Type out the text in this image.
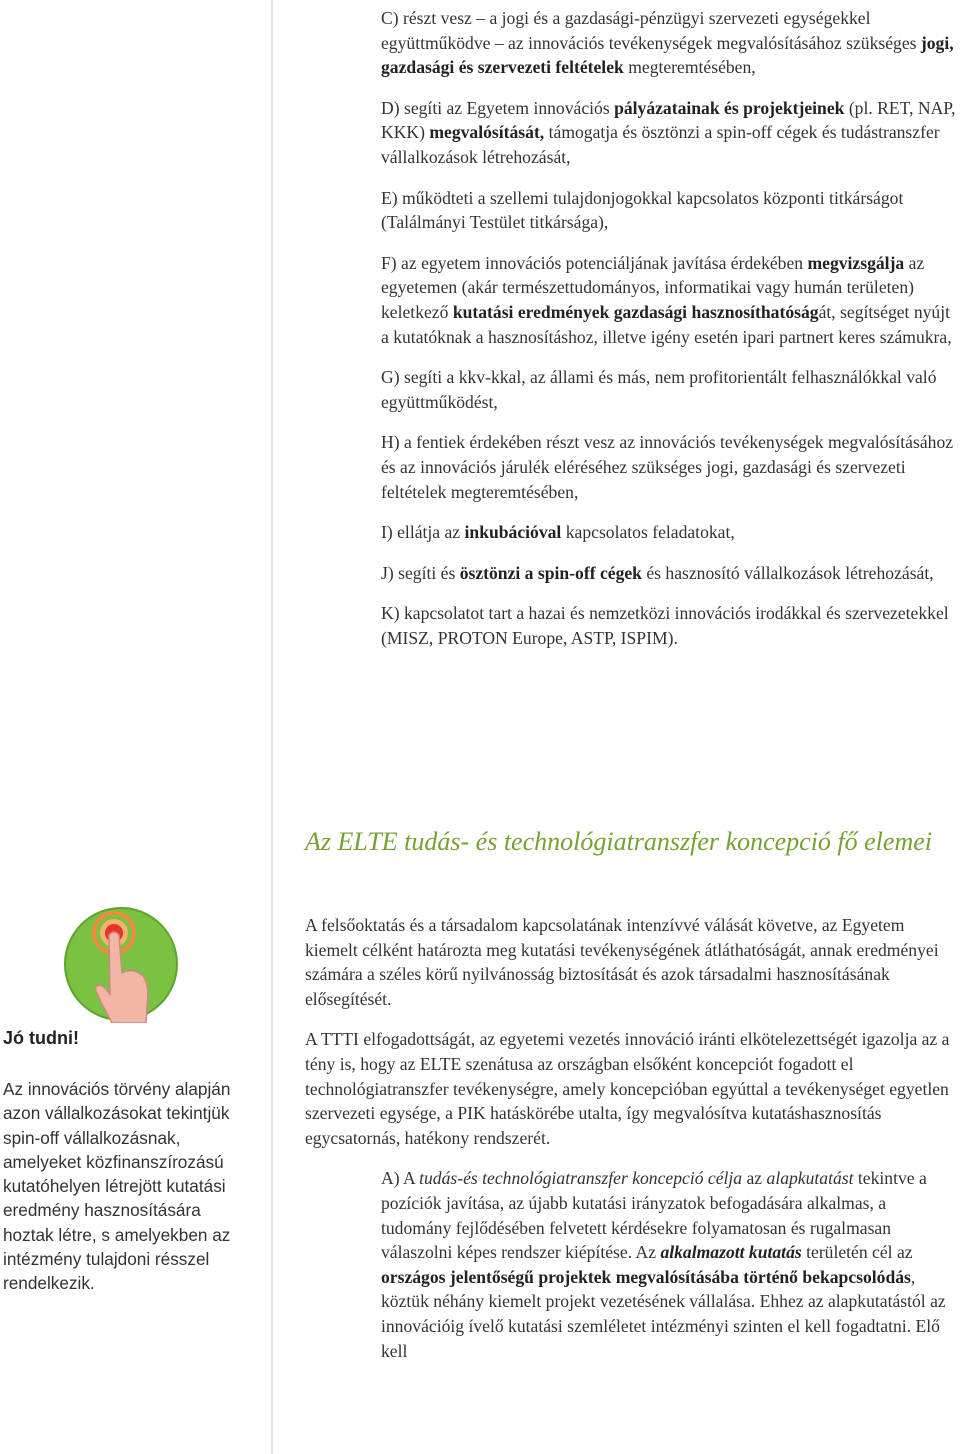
C) részt vesz – a jogi és a gazdasági-pénzügyi szervezeti egységekkel együttműködve – az innovációs tevékenységek megvalósításához szükséges jogi, gazdasági és szervezeti feltételek megteremtésében,

D) segíti az Egyetem innovációs pályázatainak és projektjeinek (pl. RET, NAP, KKK) megvalósítását, támogatja és ösztönzi a spin-off cégek és tudástranszfer vállalkozások létrehozását,

E) működteti a szellemi tulajdonjogokkal kapcsolatos központi titkárságot (Találmányi Testület titkársága),

F) az egyetem innovációs potenciáljának javítása érdekében megvizsgálja az egyetemen (akár természettudományos, informatikai vagy humán területen) keletkező kutatási eredmények gazdasági hasznosíthatóságát, segítséget nyújt a kutatóknak a hasznosításhoz, illetve igény esetén ipari partnert keres számukra,

G) segíti a kkv-kkal, az állami és más, nem profitorientált felhasználókkal való együttműködést,

H) a fentiek érdekében részt vesz az innovációs tevékenységek megvalósításához és az innovációs járulék eléréséhez szükséges jogi, gazdasági és szervezeti feltételek megteremtésében,

I) ellátja az inkubációval kapcsolatos feladatokat,

J) segíti és ösztönzi a spin-off cégek és hasznosító vállalkozások létrehozását,

K) kapcsolatot tart a hazai és nemzetközi innovációs irodákkal és szervezetekkel (MISZ, PROTON Europe, ASTP, ISPIM).

Az ELTE tudás- és technológiatranszfer koncepció fő elemei

A felsőoktatás és a társadalom kapcsolatának intenzívvé válását követve, az Egyetem kiemelt célként határozta meg kutatási tevékenységének átláthatóságát, annak eredményei számára a széles körű nyilvánosság biztosítását és azok társadalmi hasznosításának elősegítését.

A TTTI elfogadottságát, az egyetemi vezetés innováció iránti elkötelezettségét igazolja az a tény is, hogy az ELTE szenátusa az országban elsőként koncepciót fogadott el technológiatranszfer tevékenységre, amely koncepcióban egyúttal a tevékenységet egyetlen szervezeti egysége, a PIK hatáskörébe utalta, így megvalósítva kutatáshasznosítás egycsatornás, hatékony rendszerét.

A) A tudás-és technológiatranszfer koncepció célja az alapkutatást tekintve a pozíciók javítása, az újabb kutatási irányzatok befogadására alkalmas, a tudomány fejlődésében felvetett kérdésekre folyamatosan és rugalmasan válaszolni képes rendszer kiépítése. Az alkalmazott kutatás területén cél az országos jelentőségű projektek megvalósításába történő bekapcsolódás, köztük néhány kiemelt projekt vezetésének vállalása. Ehhez az alapkutatástól az innovációig ívelő kutatási szemléletet intézményi szinten el kell fogadtatni. Elő kell

Jó tudni!

Az innovációs törvény alapján azon vállalkozásokat tekintjük spin-off vállalkozásnak, amelyeket közfinanszírozású kutatóhelyen létrejött kutatási eredmény hasznosítására hoztak létre, s amelyekben az intézmény tulajdoni résszel rendelkezik.
